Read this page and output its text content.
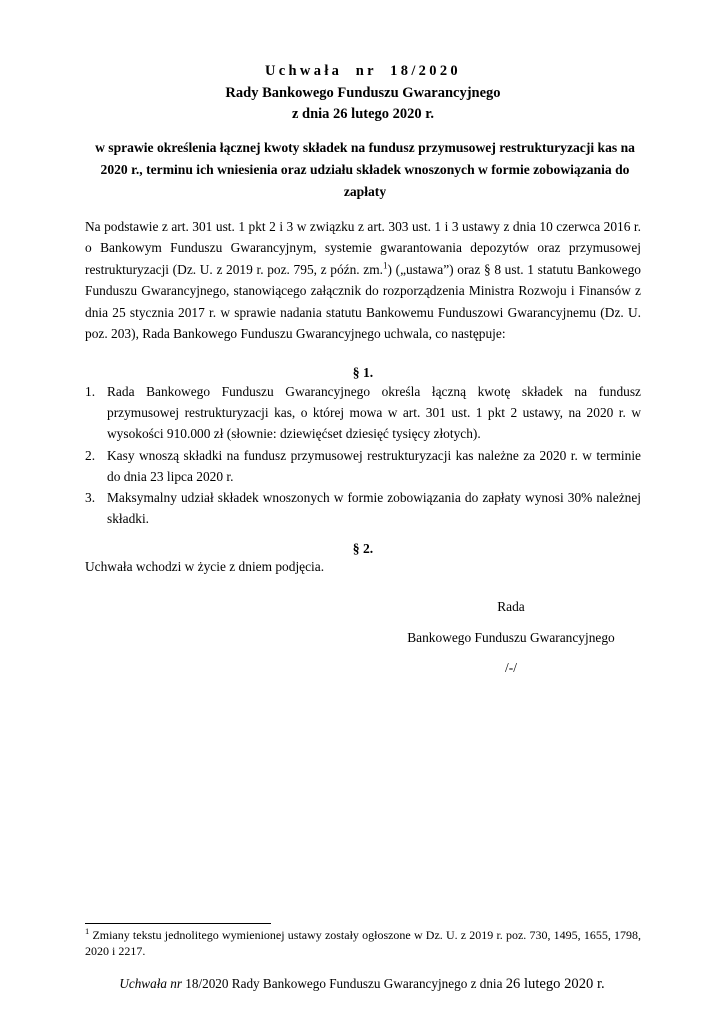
Uchwała nr 18/2020
Rady Bankowego Funduszu Gwarancyjnego
z dnia 26 lutego 2020 r.
w sprawie określenia łącznej kwoty składek na fundusz przymusowej restrukturyzacji kas na 2020 r., terminu ich wniesienia oraz udziału składek wnoszonych w formie zobowiązania do zapłaty

Na podstawie z art. 301 ust. 1 pkt 2 i 3 w związku z art. 303 ust. 1 i 3 ustawy z dnia 10 czerwca 2016 r. o Bankowym Funduszu Gwarancyjnym, systemie gwarantowania depozytów oraz przymusowej restrukturyzacji (Dz. U. z 2019 r. poz. 795, z późn. zm.$^1$) („ustawa”) oraz § 8 ust. 1 statutu Bankowego Funduszu Gwarancyjnego, stanowiącego załącznik do rozporządzenia Ministra Rozwoju i Finansów z dnia 25 stycznia 2017 r. w sprawie nadania statutu Bankowemu Funduszowi Gwarancyjnemu (Dz. U. poz. 203), Rada Bankowego Funduszu Gwarancyjnego uchwala, co następuje:

§ 1.
1. Rada Bankowego Funduszu Gwarancyjnego określa łączną kwotę składek na fundusz przymusowej restrukturyzacji kas, o której mowa w art. 301 ust. 1 pkt 2 ustawy, na 2020 r. w wysokości 910.000 zł (słownie: dziewięćset dziesięć tysięcy złotych).
2. Kasy wnoszą składki na fundusz przymusowej restrukturyzacji kas należne za 2020 r. w terminie do dnia 23 lipca 2020 r.
3. Maksymalny udział składek wnoszonych w formie zobowiązania do zapłaty wynosi 30% należnej składki.
§ 2.
Uchwała wchodzi w życie z dniem podjęcia.
Rada
Bankowego Funduszu Gwarancyjnego
/-/
$^1$ Zmiany tekstu jednolitego wymienionej ustawy zostały ogłoszone w Dz. U. z 2019 r. poz. 730, 1495, 1655, 1798, 2020 i 2217.
Uchwała nr 18/2020 Rady Bankowego Funduszu Gwarancyjnego z dnia 26 lutego 2020 r.
